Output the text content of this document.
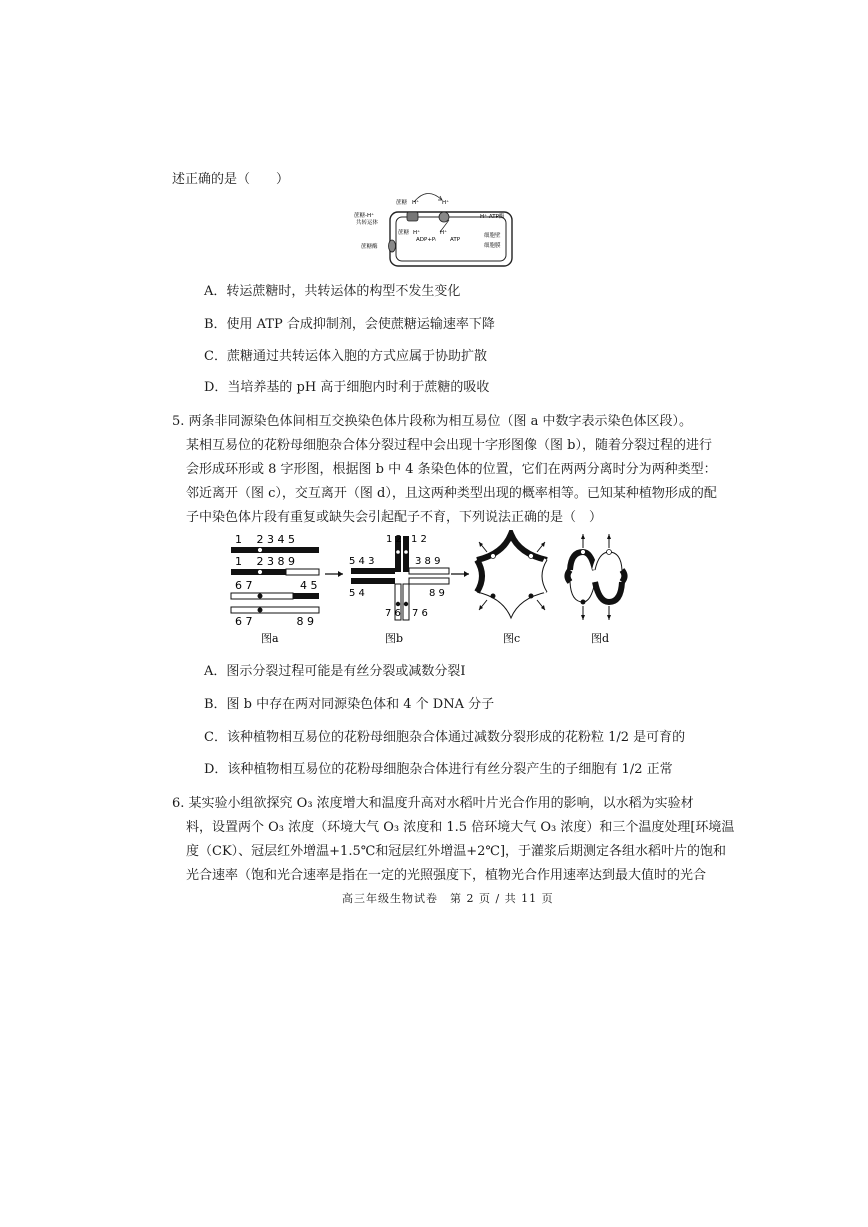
述正确的是（　　）
蔗糖 H⁺	H⁺
蔗糖-H⁺共转运体
蔗糖 H⁺	H⁺
ADP+Pᵢ	ATP
H⁺-ATP酶
细胞壁
细胞膜
蔗糖酶
A．转运蔗糖时，共转运体的构型不发生变化
B．使用 ATP 合成抑制剂，会使蔗糖运输速率下降
C．蔗糖通过共转运体入胞的方式应属于协助扩散
D．当培养基的 pH 高于细胞内时利于蔗糖的吸收
5. 两条非同源染色体间相互交换染色体片段称为相互易位（图 a 中数字表示染色体区段）。
某相互易位的花粉母细胞杂合体分裂过程中会出现十字形图像（图 b），随着分裂过程的进行
会形成环形或 8 字形图，根据图 b 中 4 条染色体的位置，它们在两两分离时分为两种类型：
邻近离开（图 c），交互离开（图 d），且这两种类型出现的概率相等。已知某种植物形成的配
子中染色体片段有重复或缺失会引起配子不育，下列说法正确的是（　）
1　 2 3 4 5
1　 2 3 8 9
6 7　　　　 4 5
6 7　　　　8 9
图a
1 2 1 2
5 4 3	3 8 9
5 4	8 9
7 6 7 6
图b	图c	图d
A．图示分裂过程可能是有丝分裂或减数分裂Ⅰ
B．图 b 中存在两对同源染色体和 4 个 DNA 分子
C．该种植物相互易位的花粉母细胞杂合体通过减数分裂形成的花粉粒 1/2 是可育的
D．该种植物相互易位的花粉母细胞杂合体进行有丝分裂产生的子细胞有 1/2 正常
6. 某实验小组欲探究 O₃ 浓度增大和温度升高对水稻叶片光合作用的影响，以水稻为实验材
料，设置两个 O₃ 浓度（环境大气 O₃ 浓度和 1.5 倍环境大气 O₃ 浓度）和三个温度处理[环境温
度（CK）、冠层红外增温+1.5℃和冠层红外增温+2℃]，于灌浆后期测定各组水稻叶片的饱和
光合速率（饱和光合速率是指在一定的光照强度下，植物光合作用速率达到最大值时的光合
高三年级生物试卷　第 2 页 / 共 11 页
